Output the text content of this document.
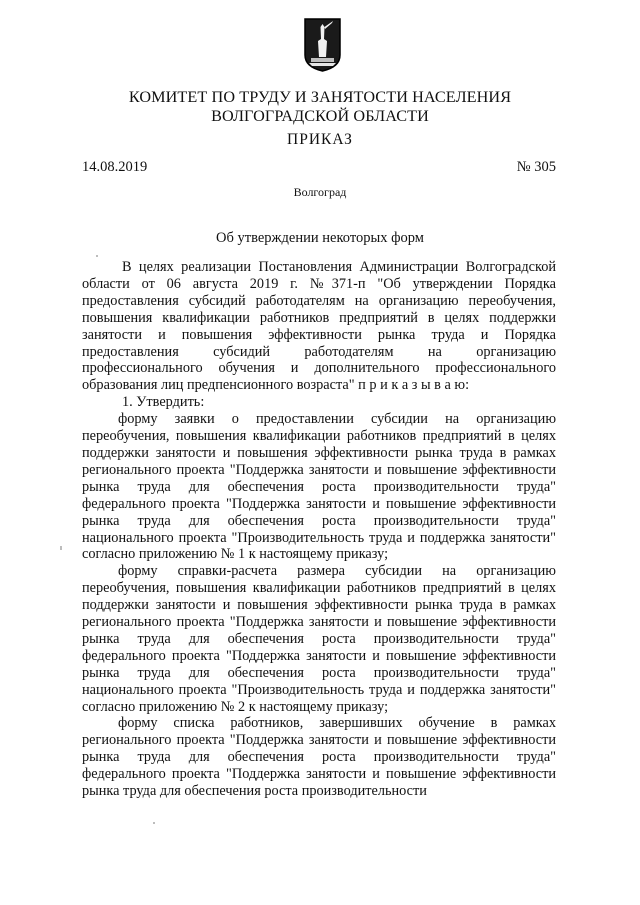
КОМИТЕТ ПО ТРУДУ И ЗАНЯТОСТИ НАСЕЛЕНИЯ
ВОЛГОГРАДСКОЙ ОБЛАСТИ
ПРИКАЗ
14.08.2019	№ 305
Волгоград
Об утверждении некоторых форм

В целях реализации Постановления Администрации Волгоградской области от 06 августа 2019 г. №371-п "Об утверждении Порядка предоставления субсидий работодателям на организацию переобучения, повышения квалификации работников предприятий в целях поддержки занятости и повышения эффективности рынка труда и Порядка предоставления субсидий работодателям на организацию профессионального обучения и дополнительного профессионального образования лиц предпенсионного возраста" п р и к а з ы в а ю:

1. Утвердить:

форму заявки о предоставлении субсидии на организацию переобучения, повышения квалификации работников предприятий в целях поддержки занятости и повышения эффективности рынка труда в рамках регионального проекта "Поддержка занятости и повышение эффективности рынка труда для обеспечения роста производительности труда" федерального проекта "Поддержка занятости и повышение эффективности рынка труда для обеспечения роста производительности труда" национального проекта "Производительность труда и поддержка занятости" согласно приложению № 1 к настоящему приказу;

форму справки-расчета размера субсидии на организацию переобучения, повышения квалификации работников предприятий в целях поддержки занятости и повышения эффективности рынка труда в рамках регионального проекта "Поддержка занятости и повышение эффективности рынка труда для обеспечения роста производительности труда" федерального проекта "Поддержка занятости и повышение эффективности рынка труда для обеспечения роста производительности труда" национального проекта "Производительность труда и поддержка занятости" согласно приложению № 2 к настоящему приказу;

форму списка работников, завершивших обучение в рамках регионального проекта "Поддержка занятости и повышение эффективности рынка труда для обеспечения роста производительности труда" федерального проекта "Поддержка занятости и повышение эффективности рынка труда для обеспечения роста производительности
